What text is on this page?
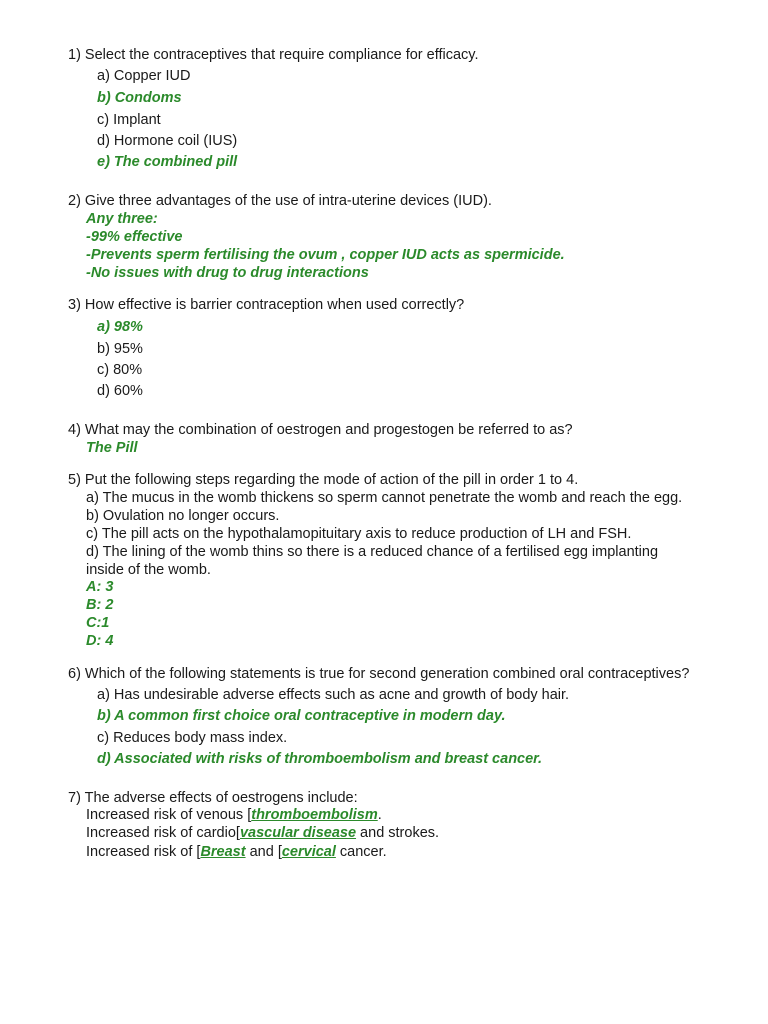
1) Select the contraceptives that require compliance for efficacy.
a) Copper IUD
b) Condoms
c) Implant
d) Hormone coil (IUS)
e) The combined pill
2) Give three advantages of the use of intra-uterine devices (IUD).
Any three:
-99% effective
-Prevents sperm fertilising the ovum , copper IUD acts as spermicide.
-No issues with drug to drug interactions
3) How effective is barrier contraception when used correctly?
a) 98%
b) 95%
c) 80%
d) 60%
4) What may the combination of oestrogen and progestogen be referred to as?
The Pill
5) Put the following steps regarding the mode of action of the pill in order 1 to 4.
a) The mucus in the womb thickens so sperm cannot penetrate the womb and reach the egg.
b) Ovulation no longer occurs.
c) The pill acts on the hypothalamopituitary axis to reduce production of LH and FSH.
d) The lining of the womb thins so there is a reduced chance of a fertilised egg implanting
inside of the womb.
A: 3
B: 2
C:1
D: 4
6) Which of the following statements is true for second generation combined oral contraceptives?
a) Has undesirable adverse effects such as acne and growth of body hair.
b) A common first choice oral contraceptive in modern day.
c) Reduces body mass index.
d) Associated with risks of thromboembolism and breast cancer.
7) The adverse effects of oestrogens include:
Increased risk of venous [thromboembolism.
Increased risk of cardio[vascular disease and strokes.
Increased risk of [Breast and [cervical cancer.
